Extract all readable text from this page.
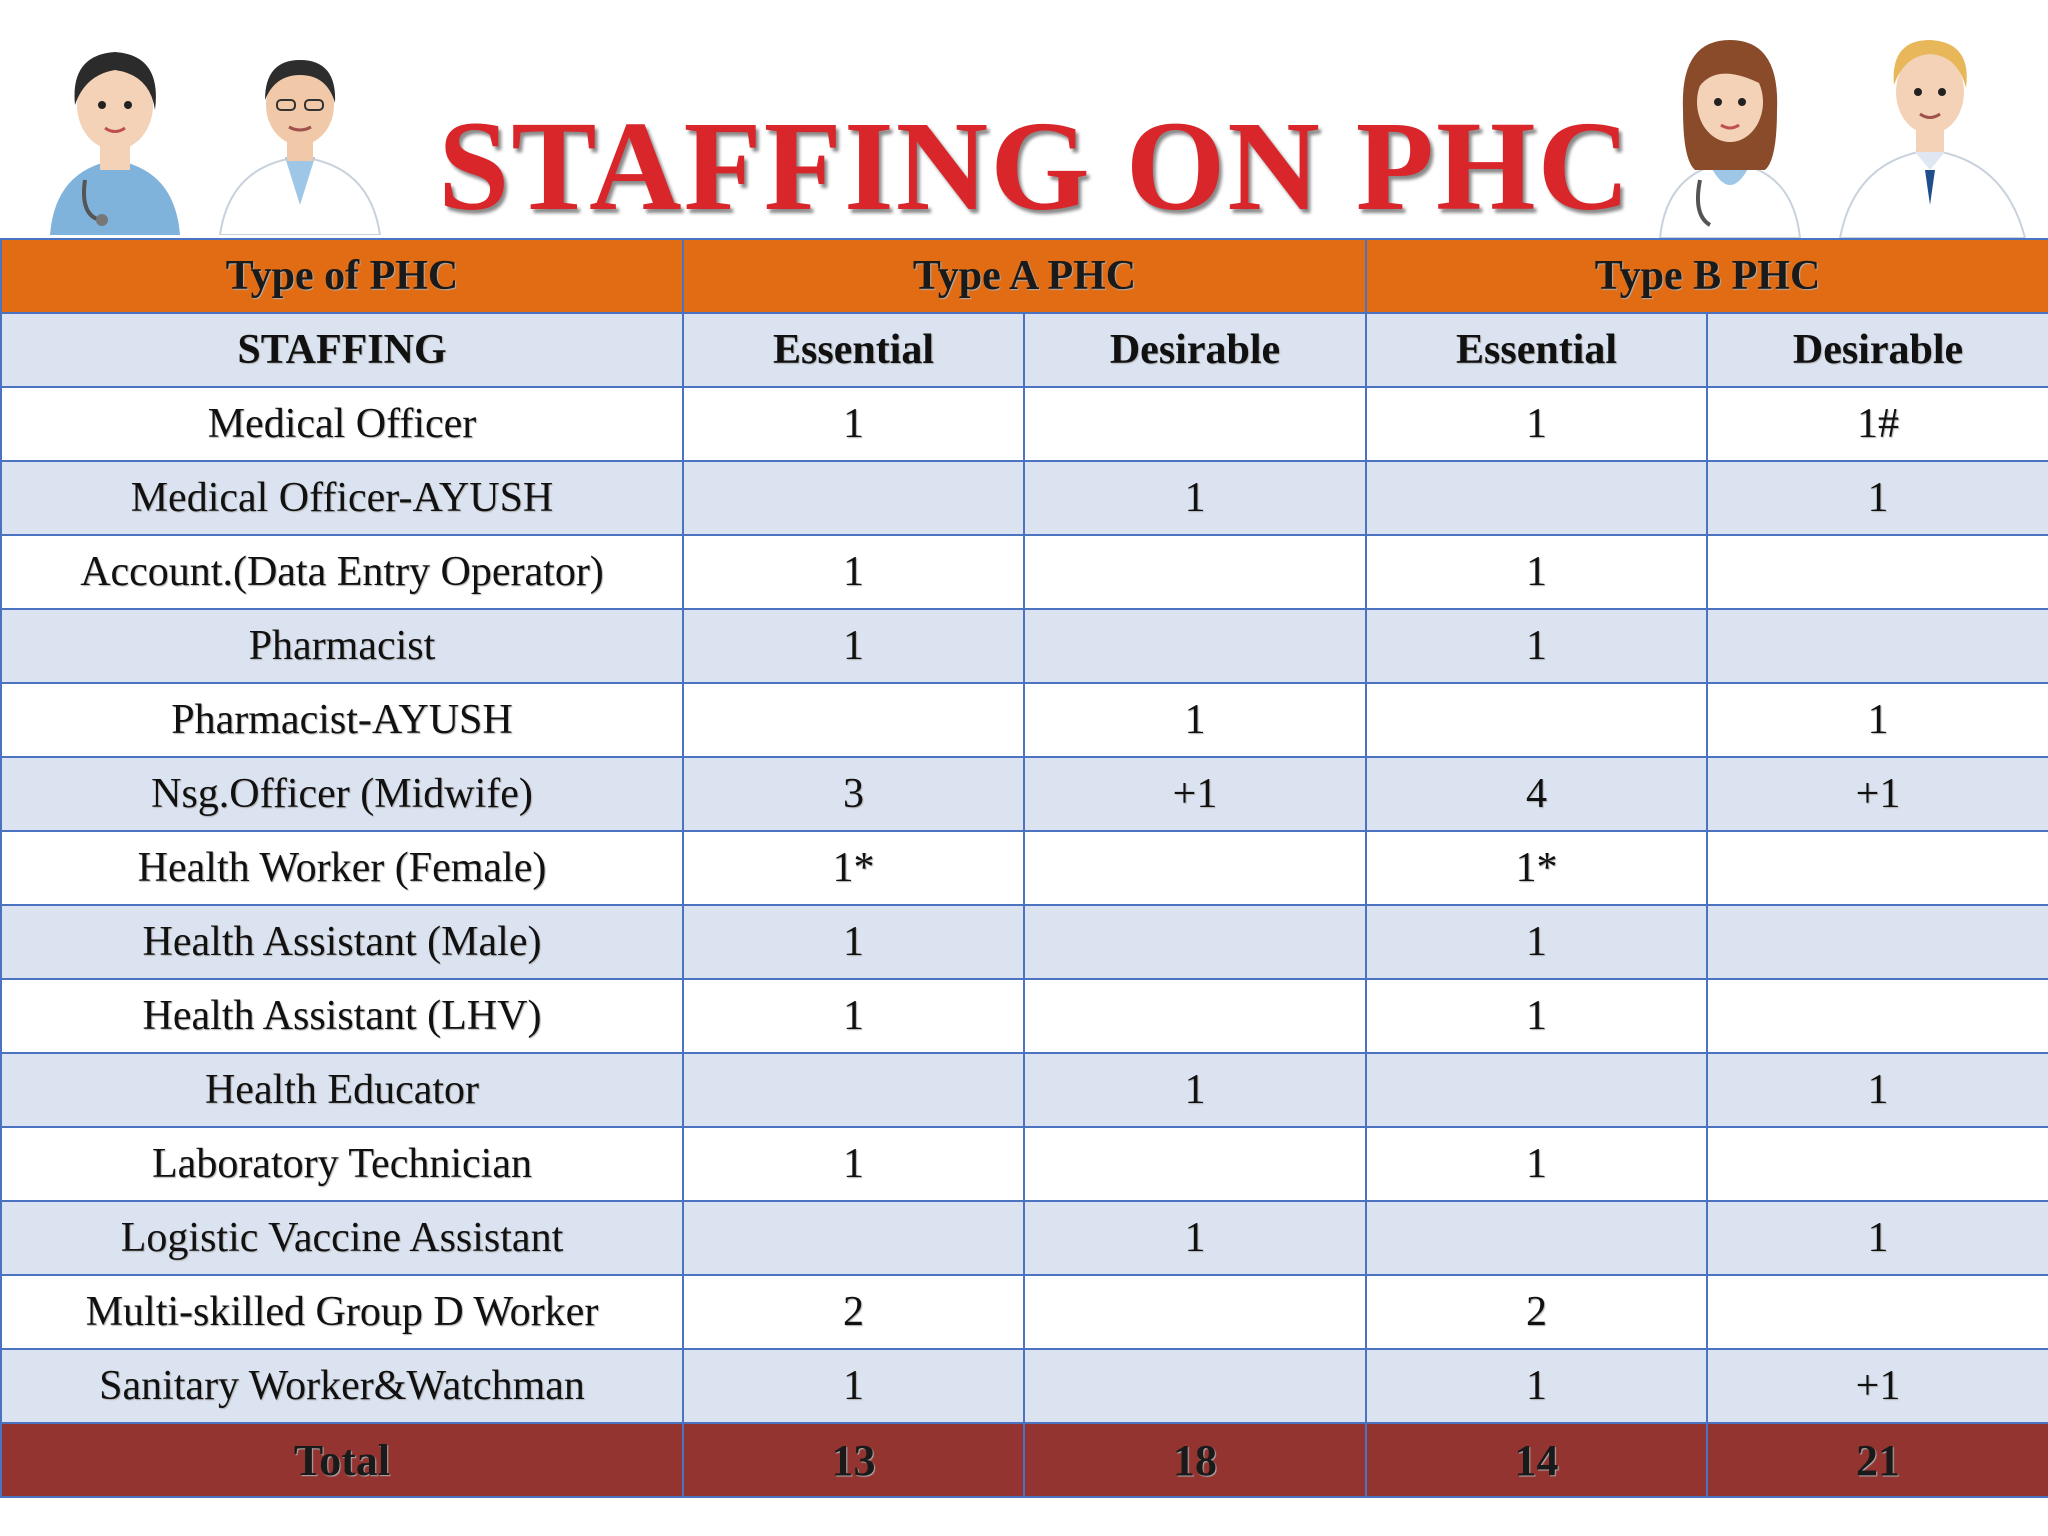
STAFFING ON PHC
Type of PHC	Type A PHC		Type B PHC	
STAFFING	Essential	Desirable	Essential	Desirable
Medical Officer	1		1	1#
Medical Officer-AYUSH		1		1
Account.(Data Entry Operator)	1		1	
Pharmacist	1		1	
Pharmacist-AYUSH		1		1
Nsg.Officer (Midwife)	3	+1	4	+1
Health Worker (Female)	1*		1*	
Health Assistant (Male)	1		1	
Health Assistant (LHV)	1		1	
Health Educator		1		1
Laboratory Technician	1		1	
Logistic Vaccine Assistant		1		1
Multi-skilled Group D Worker	2		2	
Sanitary Worker&Watchman	1		1	+1
Total	13	18	14	21
